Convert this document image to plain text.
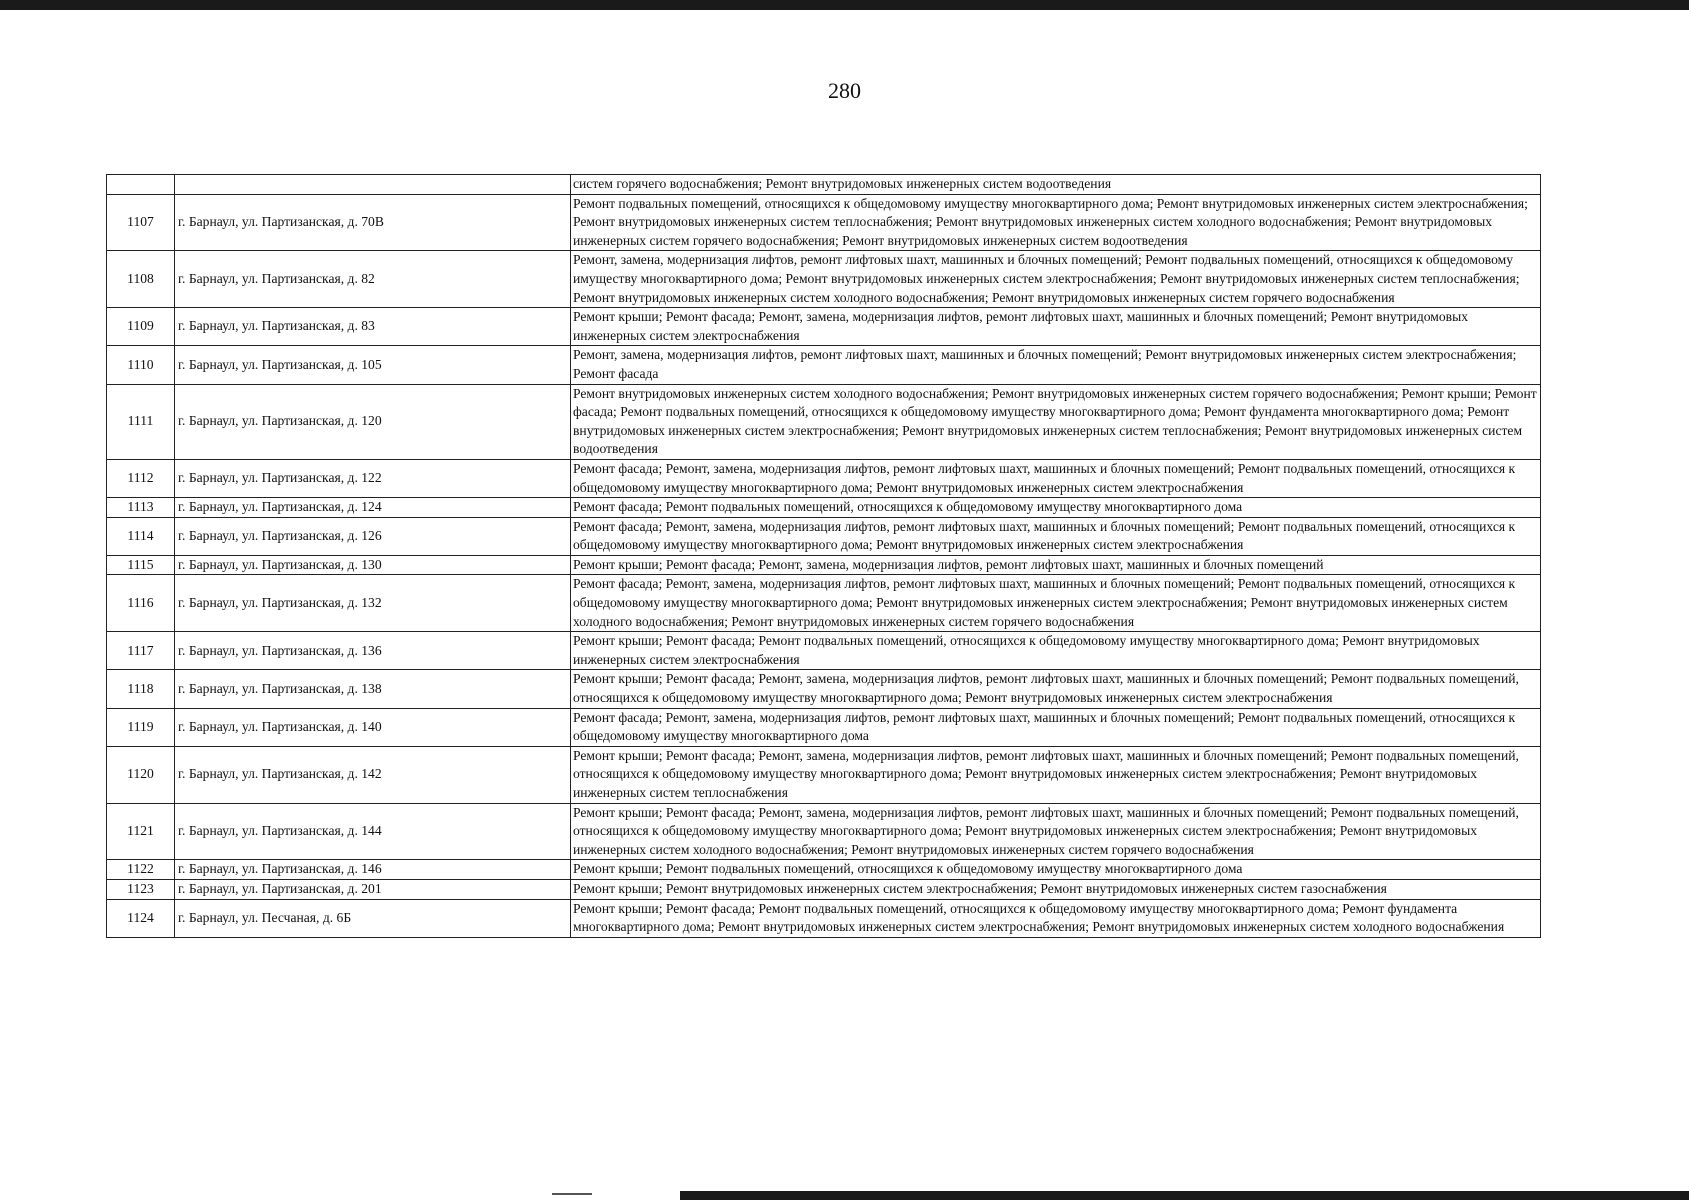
280
		систем горячего водоснабжения; Ремонт внутридомовых инженерных систем водоотведения
1107	г. Барнаул, ул. Партизанская, д. 70В	Ремонт подвальных помещений, относящихся к общедомовому имуществу многоквартирного дома; Ремонт внутридомовых инженерных систем электроснабжения; Ремонт внутридомовых инженерных систем теплоснабжения; Ремонт внутридомовых инженерных систем холодного водоснабжения; Ремонт внутридомовых инженерных систем горячего водоснабжения; Ремонт внутридомовых инженерных систем водоотведения
1108	г. Барнаул, ул. Партизанская, д. 82	Ремонт, замена, модернизация лифтов, ремонт лифтовых шахт, машинных и блочных помещений; Ремонт подвальных помещений, относящихся к общедомовому имуществу многоквартирного дома; Ремонт внутридомовых инженерных систем электроснабжения; Ремонт внутридомовых инженерных систем теплоснабжения; Ремонт внутридомовых инженерных систем холодного водоснабжения; Ремонт внутридомовых инженерных систем горячего водоснабжения
1109	г. Барнаул, ул. Партизанская, д. 83	Ремонт крыши; Ремонт фасада; Ремонт, замена, модернизация лифтов, ремонт лифтовых шахт, машинных и блочных помещений; Ремонт внутридомовых инженерных систем электроснабжения
1110	г. Барнаул, ул. Партизанская, д. 105	Ремонт, замена, модернизация лифтов, ремонт лифтовых шахт, машинных и блочных помещений; Ремонт внутридомовых инженерных систем электроснабжения; Ремонт фасада
1111	г. Барнаул, ул. Партизанская, д. 120	Ремонт внутридомовых инженерных систем холодного водоснабжения; Ремонт внутридомовых инженерных систем горячего водоснабжения; Ремонт крыши; Ремонт фасада; Ремонт подвальных помещений, относящихся к общедомовому имуществу многоквартирного дома; Ремонт фундамента многоквартирного дома; Ремонт внутридомовых инженерных систем электроснабжения; Ремонт внутридомовых инженерных систем теплоснабжения; Ремонт внутридомовых инженерных систем водоотведения
1112	г. Барнаул, ул. Партизанская, д. 122	Ремонт фасада; Ремонт, замена, модернизация лифтов, ремонт лифтовых шахт, машинных и блочных помещений; Ремонт подвальных помещений, относящихся к общедомовому имуществу многоквартирного дома; Ремонт внутридомовых инженерных систем электроснабжения
1113	г. Барнаул, ул. Партизанская, д. 124	Ремонт фасада; Ремонт подвальных помещений, относящихся к общедомовому имуществу многоквартирного дома
1114	г. Барнаул, ул. Партизанская, д. 126	Ремонт фасада; Ремонт, замена, модернизация лифтов, ремонт лифтовых шахт, машинных и блочных помещений; Ремонт подвальных помещений, относящихся к общедомовому имуществу многоквартирного дома; Ремонт внутридомовых инженерных систем электроснабжения
1115	г. Барнаул, ул. Партизанская, д. 130	Ремонт крыши; Ремонт фасада; Ремонт, замена, модернизация лифтов, ремонт лифтовых шахт, машинных и блочных помещений
1116	г. Барнаул, ул. Партизанская, д. 132	Ремонт фасада; Ремонт, замена, модернизация лифтов, ремонт лифтовых шахт, машинных и блочных помещений; Ремонт подвальных помещений, относящихся к общедомовому имуществу многоквартирного дома; Ремонт внутридомовых инженерных систем электроснабжения; Ремонт внутридомовых инженерных систем холодного водоснабжения; Ремонт внутридомовых инженерных систем горячего водоснабжения
1117	г. Барнаул, ул. Партизанская, д. 136	Ремонт крыши; Ремонт фасада; Ремонт подвальных помещений, относящихся к общедомовому имуществу многоквартирного дома; Ремонт внутридомовых инженерных систем электроснабжения
1118	г. Барнаул, ул. Партизанская, д. 138	Ремонт крыши; Ремонт фасада; Ремонт, замена, модернизация лифтов, ремонт лифтовых шахт, машинных и блочных помещений; Ремонт подвальных помещений, относящихся к общедомовому имуществу многоквартирного дома; Ремонт внутридомовых инженерных систем электроснабжения
1119	г. Барнаул, ул. Партизанская, д. 140	Ремонт фасада; Ремонт, замена, модернизация лифтов, ремонт лифтовых шахт, машинных и блочных помещений; Ремонт подвальных помещений, относящихся к общедомовому имуществу многоквартирного дома
1120	г. Барнаул, ул. Партизанская, д. 142	Ремонт крыши; Ремонт фасада; Ремонт, замена, модернизация лифтов, ремонт лифтовых шахт, машинных и блочных помещений; Ремонт подвальных помещений, относящихся к общедомовому имуществу многоквартирного дома; Ремонт внутридомовых инженерных систем электроснабжения; Ремонт внутридомовых инженерных систем теплоснабжения
1121	г. Барнаул, ул. Партизанская, д. 144	Ремонт крыши; Ремонт фасада; Ремонт, замена, модернизация лифтов, ремонт лифтовых шахт, машинных и блочных помещений; Ремонт подвальных помещений, относящихся к общедомовому имуществу многоквартирного дома; Ремонт внутридомовых инженерных систем электроснабжения; Ремонт внутридомовых инженерных систем холодного водоснабжения; Ремонт внутридомовых инженерных систем горячего водоснабжения
1122	г. Барнаул, ул. Партизанская, д. 146	Ремонт крыши; Ремонт подвальных помещений, относящихся к общедомовому имуществу многоквартирного дома
1123	г. Барнаул, ул. Партизанская, д. 201	Ремонт крыши; Ремонт внутридомовых инженерных систем электроснабжения; Ремонт внутридомовых инженерных систем газоснабжения
1124	г. Барнаул, ул. Песчаная, д. 6Б	Ремонт крыши; Ремонт фасада; Ремонт подвальных помещений, относящихся к общедомовому имуществу многоквартирного дома; Ремонт фундамента многоквартирного дома; Ремонт внутридомовых инженерных систем электроснабжения; Ремонт внутридомовых инженерных систем холодного водоснабжения
